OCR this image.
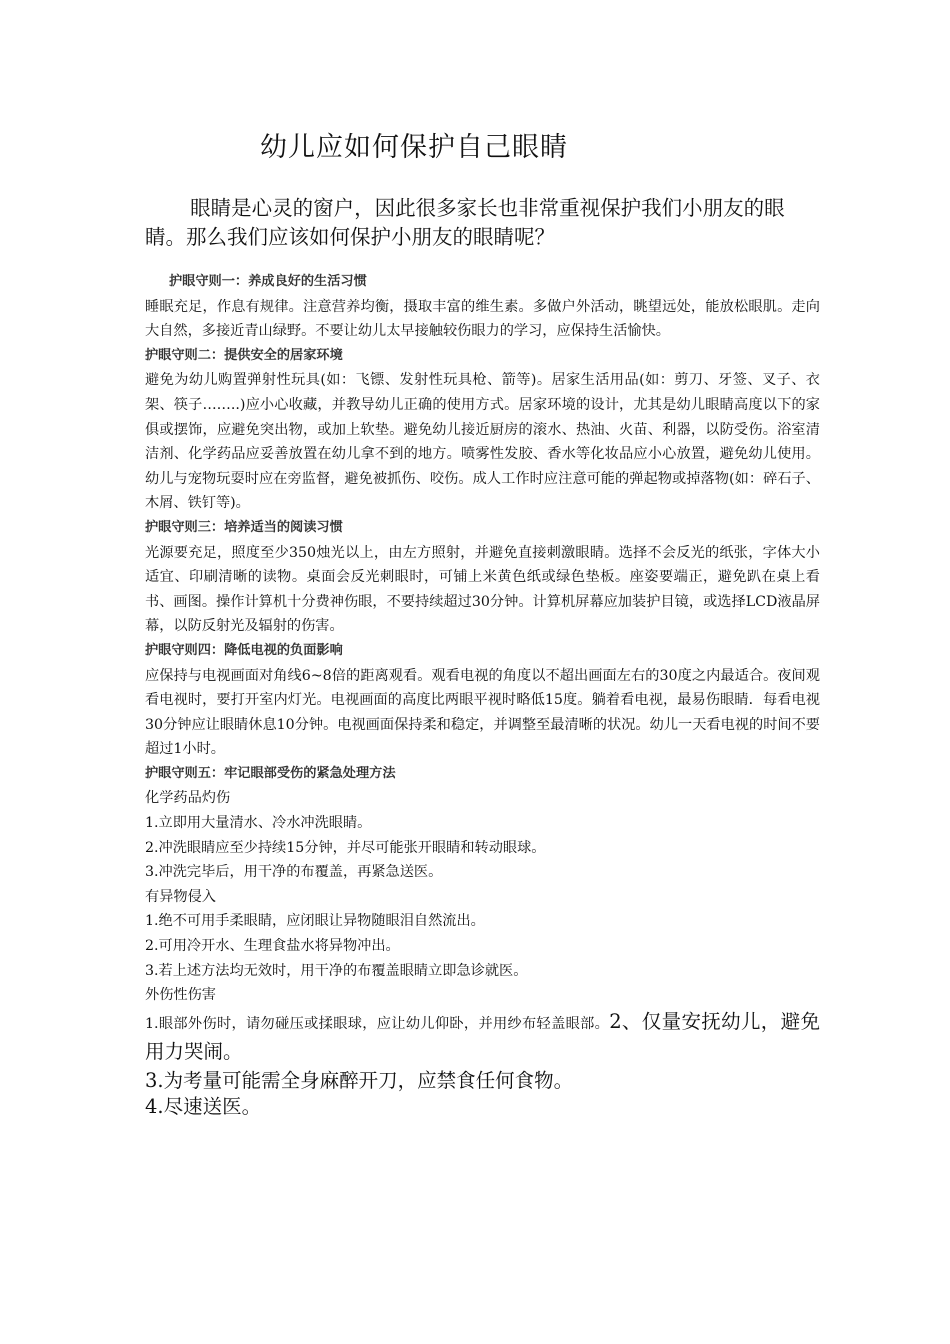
幼儿应如何保护自己眼睛
眼睛是心灵的窗户，因此很多家长也非常重视保护我们小朋友的眼睛。那么我们应该如何保护小朋友的眼睛呢？

护眼守则一：养成良好的生活习惯

睡眠充足，作息有规律。注意营养均衡，摄取丰富的维生素。多做户外活动，眺望远处，能放松眼肌。走向大自然，多接近青山绿野。不要让幼儿太早接触较伤眼力的学习，应保持生活愉快。

护眼守则二：提供安全的居家环境

避免为幼儿购置弹射性玩具(如：飞镖、发射性玩具枪、箭等)。居家生活用品(如：剪刀、牙签、叉子、衣架、筷子……..)应小心收藏，并教导幼儿正确的使用方式。居家环境的设计，尤其是幼儿眼睛高度以下的家俱或摆饰，应避免突出物，或加上软垫。避免幼儿接近厨房的滚水、热油、火苗、利器，以防受伤。浴室清洁剂、化学药品应妥善放置在幼儿拿不到的地方。喷雾性发胶、香水等化妆品应小心放置，避免幼儿使用。幼儿与宠物玩耍时应在旁监督，避免被抓伤、咬伤。成人工作时应注意可能的弹起物或掉落物(如：碎石子、木屑、铁钉等)。

护眼守则三：培养适当的阅读习惯

光源要充足，照度至少350烛光以上，由左方照射，并避免直接刺激眼睛。选择不会反光的纸张，字体大小适宜、印刷清晰的读物。桌面会反光刺眼时，可铺上米黄色纸或绿色垫板。座姿要端正，避免趴在桌上看书、画图。操作计算机十分费神伤眼，不要持续超过30分钟。计算机屏幕应加装护目镜，或选择LCD液晶屏幕，以防反射光及辐射的伤害。

护眼守则四：降低电视的负面影响

应保持与电视画面对角线6~8倍的距离观看。观看电视的角度以不超出画面左右的30度之内最适合。夜间观看电视时，要打开室内灯光。电视画面的高度比两眼平视时略低15度。躺着看电视，最易伤眼睛．每看电视30分钟应让眼睛休息10分钟。电视画面保持柔和稳定，并调整至最清晰的状况。幼儿一天看电视的时间不要超过1小时。

护眼守则五：牢记眼部受伤的紧急处理方法

化学药品灼伤

1.立即用大量清水、冷水冲洗眼睛。

2.冲洗眼睛应至少持续15分钟，并尽可能张开眼睛和转动眼球。

3.冲洗完毕后，用干净的布覆盖，再紧急送医。

有异物侵入

1.绝不可用手柔眼睛，应闭眼让异物随眼泪自然流出。

2.可用冷开水、生理食盐水将异物冲出。

3.若上述方法均无效时，用干净的布覆盖眼睛立即急诊就医。

外伤性伤害

1.眼部外伤时，请勿碰压或揉眼球，应让幼儿仰卧，并用纱布轻盖眼部。2、仅量安抚幼儿，避免用力哭闹。

3.为考量可能需全身麻醉开刀，应禁食任何食物。

4.尽速送医。
